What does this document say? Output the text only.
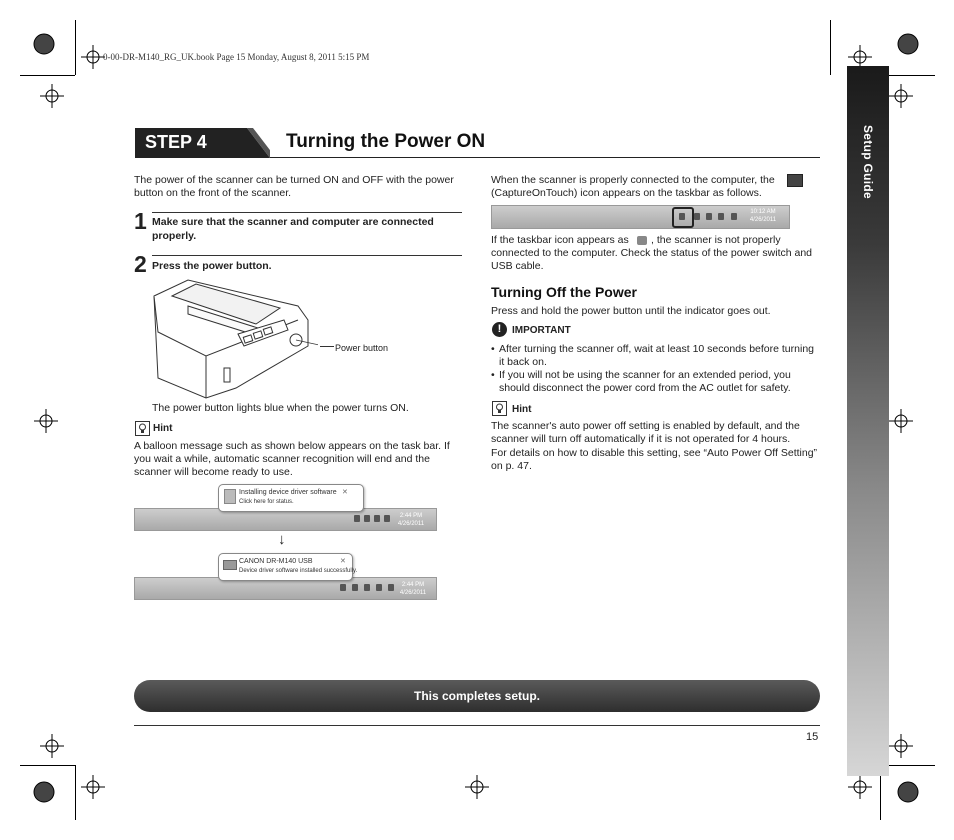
0-00-DR-M140_RG_UK.book Page 15 Monday, August 8, 2011 5:15 PM
Setup Guide
STEP 4	Turning the Power ON
The power of the scanner can be turned ON and OFF with the power button on the front of the scanner.
1 Make sure that the scanner and computer are connected properly.
2 Press the power button.
Power button
The power button lights blue when the power turns ON.
Hint
A balloon message such as shown below appears on the task bar. If you wait a while, automatic scanner recognition will end and the scanner will become ready to use.
Installing device driver software
Click here for status.
✕
2:44 PM
4/26/2011
↓
CANON DR-M140 USB
Device driver software installed successfully.
✕
2:44 PM
4/26/2011
When the scanner is properly connected to the computer, the
(CaptureOnTouch) icon appears on the taskbar as follows.
10:12 AM
4/26/2011
If the taskbar icon appears as	, the scanner is not properly connected to the computer. Check the status of the power switch and USB cable.
Turning Off the Power
Press and hold the power button until the indicator goes out.
!	IMPORTANT
• After turning the scanner off, wait at least 10 seconds before turning it back on.
• If you will not be using the scanner for an extended period, you should disconnect the power cord from the AC outlet for safety.
Hint
The scanner's auto power off setting is enabled by default, and the scanner will turn off automatically if it is not operated for 4 hours.
For details on how to disable this setting, see “Auto Power Off Setting” on p. 47.
This completes setup.
15
